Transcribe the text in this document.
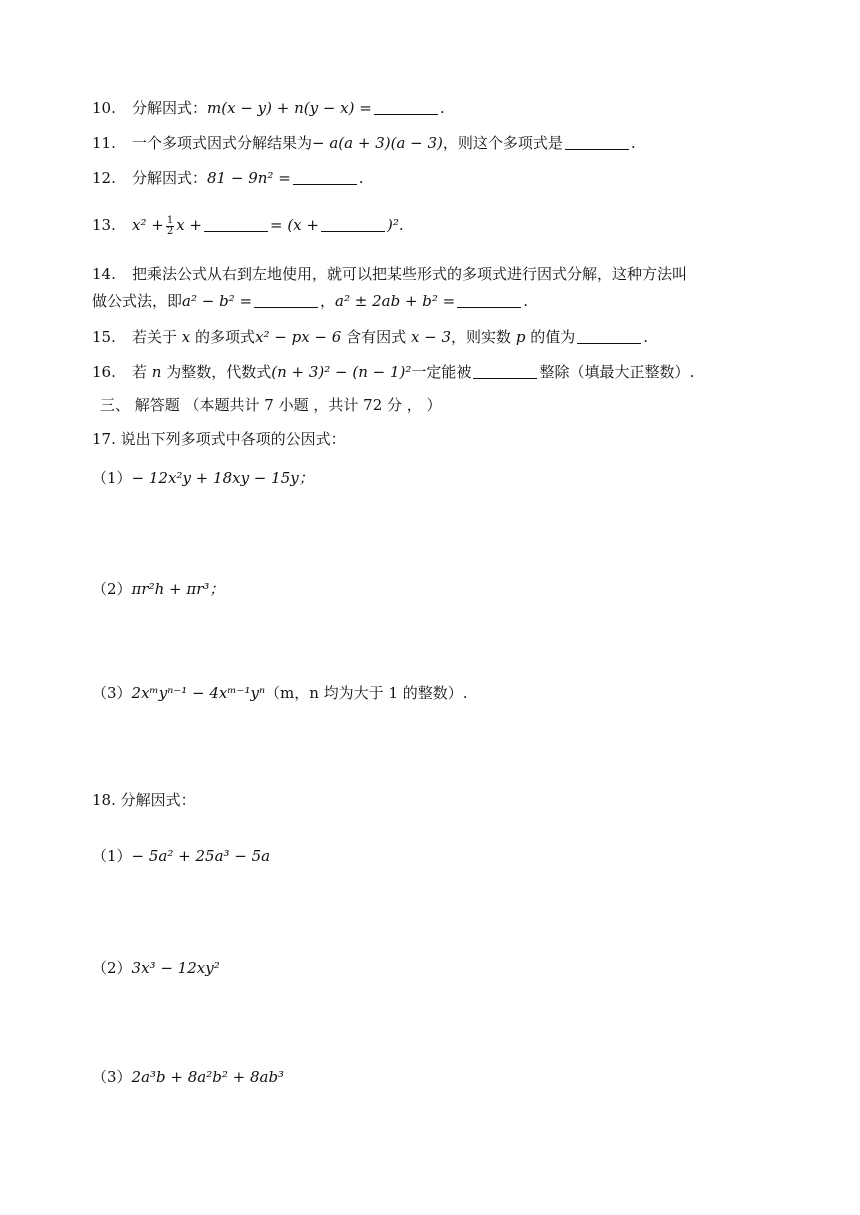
10. 分解因式：m(x − y) + n(y − x) =	.
11. 一个多项式因式分解结果为− a(a + 3)(a − 3)，则这个多项式是	.
12. 分解因式：81 − 9n² =	.
13. $x^2 + \frac{1}{2}$ x +	= (x +	)².
14. 把乘法公式从右到左地使用，就可以把某些形式的多项式进行因式分解，这种方法叫
做公式法，即a² − b² =	，a² ± 2ab + b² =	.
15. 若关于 x 的多项式x² − px − 6 含有因式 x − 3，则实数 p 的值为	.
16. 若 n 为整数，代数式(n + 3)² − (n − 1)²一定能被	整除（填最大正整数）.
三、 解答题 （本题共计 7 小题 ，共计 72 分 ， ）
17. 说出下列多项式中各项的公因式：
（1）− 12x²y + 18xy − 15y；
（2）πr²h + πr³；
（3）2xᵐyⁿ⁻¹ − 4xᵐ⁻¹yⁿ（m，n 均为大于 1 的整数）.
18. 分解因式：
（1）− 5a² + 25a³ − 5a
（2）3x³ − 12xy²
（3）2a³b + 8a²b² + 8ab³
